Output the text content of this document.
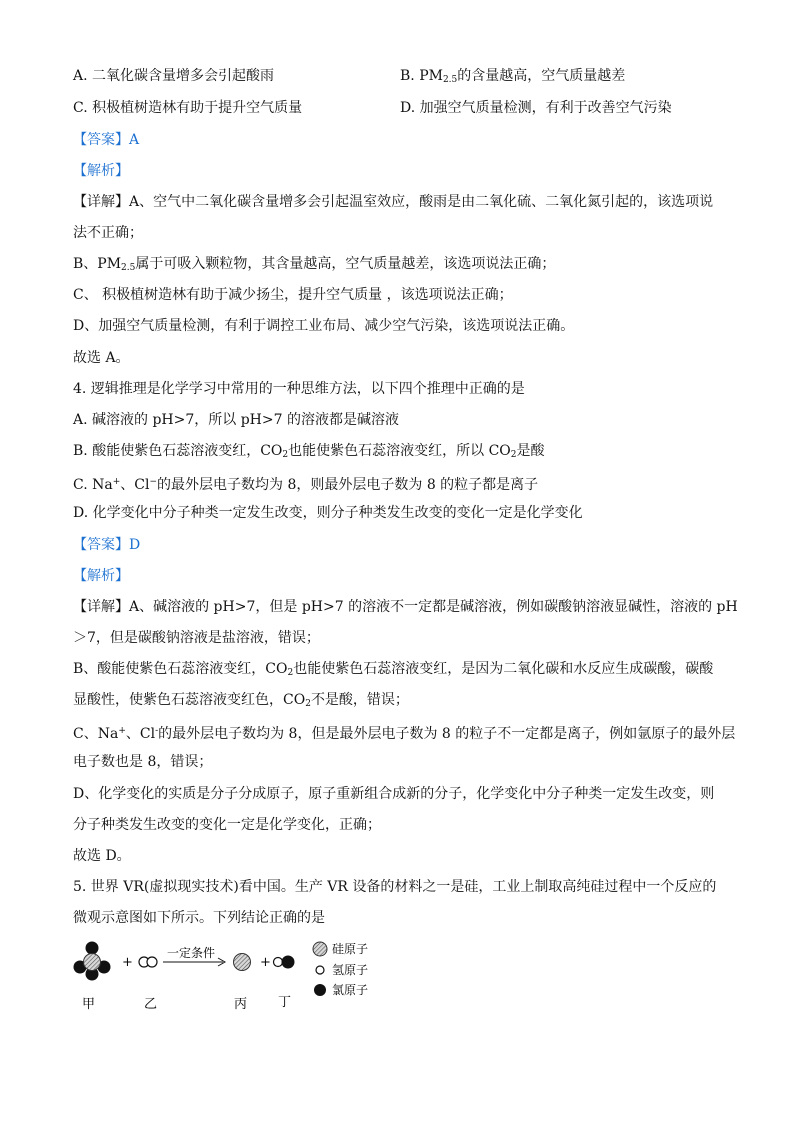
A. 二氧化碳含量增多会引起酸雨	B. $PM_{2.5}$的含量越高，空气质量越差
C. 积极植树造林有助于提升空气质量	D. 加强空气质量检测，有利于改善空气污染
【答案】A
【解析】
【详解】A、空气中二氧化碳含量增多会引起温室效应，酸雨是由二氧化硫、二氧化氮引起的，该选项说
法不正确；
B、$PM_{2.5}$属于可吸入颗粒物，其含量越高，空气质量越差，该选项说法正确；
C、 积极植树造林有助于减少扬尘，提升空气质量 ，该选项说法正确；
D、加强空气质量检测，有利于调控工业布局、减少空气污染，该选项说法正确。
故选 A。
4. 逻辑推理是化学学习中常用的一种思维方法，以下四个推理中正确的是
A. 碱溶液的 pH>7，所以 pH>7 的溶液都是碱溶液
B. 酸能使紫色石蕊溶液变红，$CO_2$也能使紫色石蕊溶液变红，所以 $CO_2$是酸
C. Na+、Cl−的最外层电子数均为 8，则最外层电子数为 8 的粒子都是离子
D. 化学变化中分子种类一定发生改变，则分子种类发生改变的变化一定是化学变化
【答案】D
【解析】
【详解】A、碱溶液的 pH>7，但是 pH>7 的溶液不一定都是碱溶液，例如碳酸钠溶液显碱性，溶液的 pH
＞7，但是碳酸钠溶液是盐溶液，错误；
B、酸能使紫色石蕊溶液变红，$CO_2$也能使紫色石蕊溶液变红，是因为二氧化碳和水反应生成碳酸，碳酸
显酸性，使紫色石蕊溶液变红色，$CO_2$不是酸，错误；
C、Na+、Cl-的最外层电子数均为 8，但是最外层电子数为 8 的粒子不一定都是离子，例如氩原子的最外层
电子数也是 8，错误；
D、化学变化的实质是分子分成原子，原子重新组合成新的分子，化学变化中分子种类一定发生改变，则
分子种类发生改变的变化一定是化学变化，正确；
故选 D。
5. 世界 VR(虚拟现实技术)看中国。生产 VR 设备的材料之一是硅，工业上制取高纯硅过程中一个反应的
微观示意图如下所示。下列结论正确的是
+
一定条件
+
甲	乙	丙 丁
硅原子
氢原子
氯原子
